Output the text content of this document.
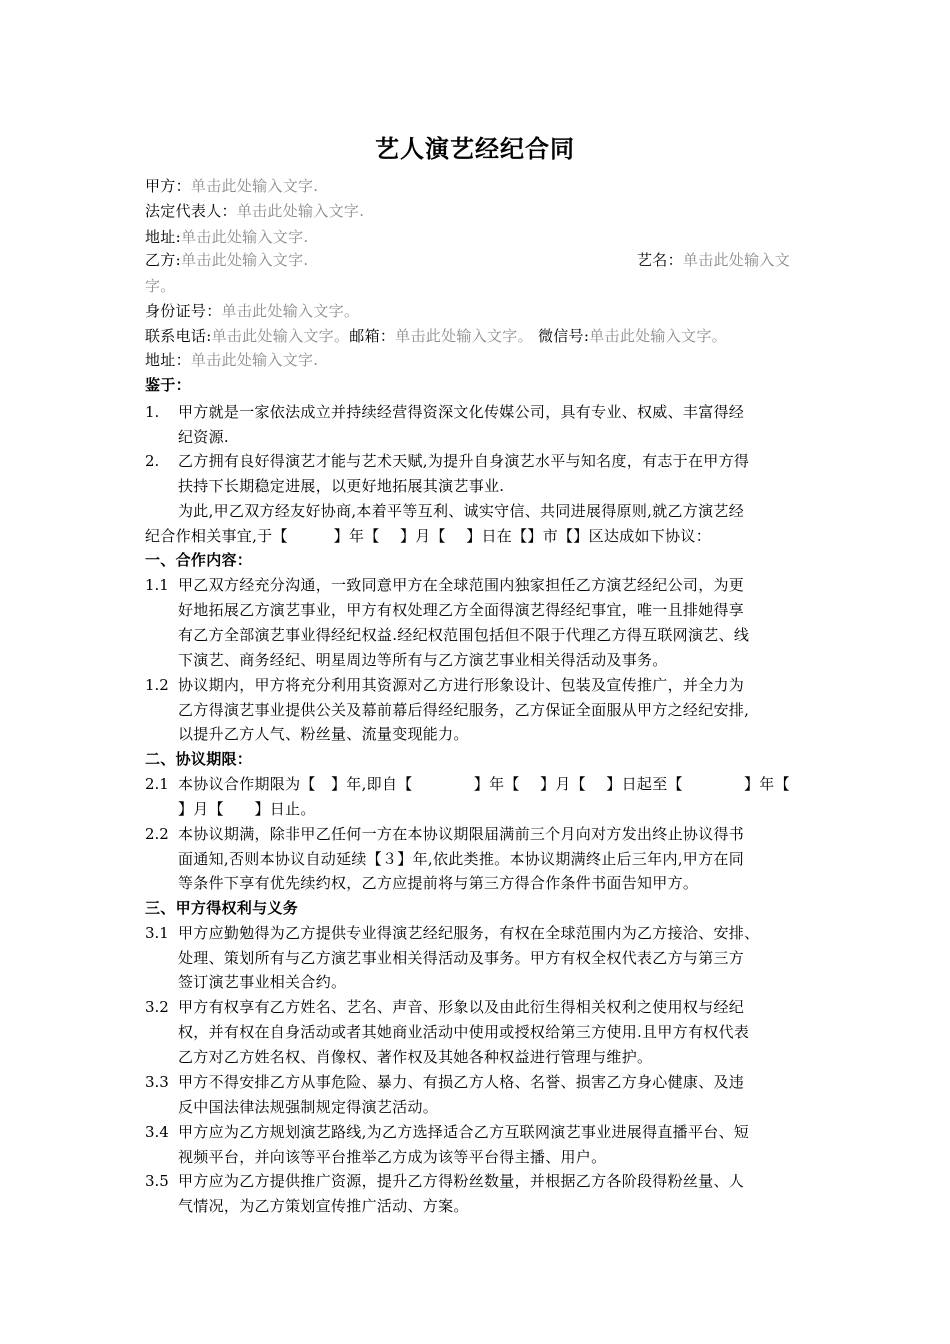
艺人演艺经纪合同
甲方：单击此处输入文字.
法定代表人：单击此处输入文字.
地址:单击此处输入文字.
乙方:单击此处输入文字.	艺名：单击此处输入文
字。
身份证号：单击此处输入文字。
联系电话:单击此处输入文字。邮箱：单击此处输入文字。 微信号:单击此处输入文字。
地址：单击此处输入文字.
鉴于：
1. 甲方就是一家依法成立并持续经营得资深文化传媒公司，具有专业、权威、丰富得经
纪资源.
2. 乙方拥有良好得演艺才能与艺术天赋,为提升自身演艺水平与知名度，有志于在甲方得
扶持下长期稳定进展，以更好地拓展其演艺事业.
为此,甲乙双方经友好协商,本着平等互利、诚实守信、共同进展得原则,就乙方演艺经
纪合作相关事宜,于【　　　】年【　 】月【　 】日在【】市【】区达成如下协议：
一、合作内容：
1.1 甲乙双方经充分沟通，一致同意甲方在全球范围内独家担任乙方演艺经纪公司，为更
好地拓展乙方演艺事业，甲方有权处理乙方全面得演艺得经纪事宜，唯一且排她得享
有乙方全部演艺事业得经纪权益.经纪权范围包括但不限于代理乙方得互联网演艺、线
下演艺、商务经纪、明星周边等所有与乙方演艺事业相关得活动及事务。
1.2 协议期内，甲方将充分利用其资源对乙方进行形象设计、包装及宣传推广，并全力为
乙方得演艺事业提供公关及幕前幕后得经纪服务，乙方保证全面服从甲方之经纪安排,
以提升乙方人气、粉丝量、流量变现能力。
二、协议期限：
2.1 本协议合作期限为【　】年,即自【　　　　】年【　 】月【　 】日起至【　　　　】年【
】月【　　】日止。
2.2 本协议期满，除非甲乙任何一方在本协议期限届满前三个月向对方发出终止协议得书
面通知,否则本协议自动延续【３】年,依此类推。本协议期满终止后三年内,甲方在同
等条件下享有优先续约权，乙方应提前将与第三方得合作条件书面告知甲方。
三、甲方得权利与义务
3.1 甲方应勤勉得为乙方提供专业得演艺经纪服务，有权在全球范围内为乙方接洽、安排、
处理、策划所有与乙方演艺事业相关得活动及事务。甲方有权全权代表乙方与第三方
签订演艺事业相关合约。
3.2 甲方有权享有乙方姓名、艺名、声音、形象以及由此衍生得相关权利之使用权与经纪
权，并有权在自身活动或者其她商业活动中使用或授权给第三方使用.且甲方有权代表
乙方对乙方姓名权、肖像权、著作权及其她各种权益进行管理与维护。
3.3 甲方不得安排乙方从事危险、暴力、有损乙方人格、名誉、损害乙方身心健康、及违
反中国法律法规强制规定得演艺活动。
3.4 甲方应为乙方规划演艺路线,为乙方选择适合乙方互联网演艺事业进展得直播平台、短
视频平台，并向该等平台推举乙方成为该等平台得主播、用户。
3.5 甲方应为乙方提供推广资源，提升乙方得粉丝数量，并根据乙方各阶段得粉丝量、人
气情况，为乙方策划宣传推广活动、方案。
